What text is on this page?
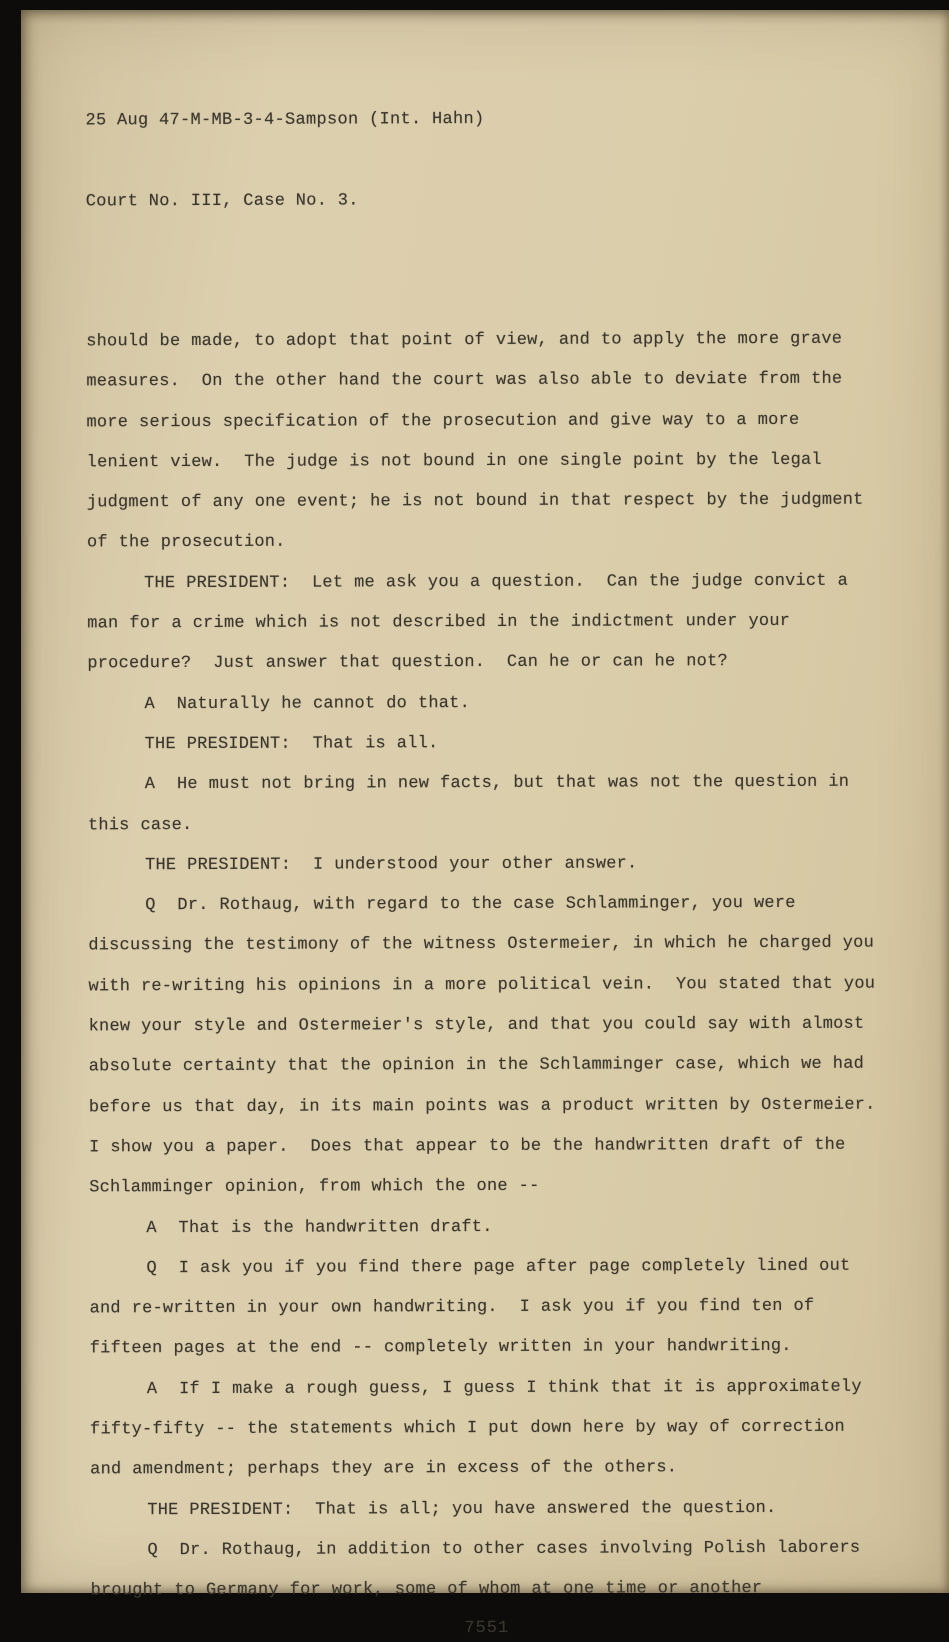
25 Aug 47-M-MB-3-4-Sampson (Int. Hahn)

Court No. III, Case No. 3.

should be made, to adopt that point of view, and to apply the more grave measures.  On the other hand the court was also able to deviate from the more serious specification of the prosecution and give way to a more lenient view.  The judge is not bound in one single point by the legal judgment of any one event; he is not bound in that respect by the judgment of the prosecution.

THE PRESIDENT:  Let me ask you a question.  Can the judge convict a man for a crime which is not described in the indictment under your procedure?  Just answer that question.  Can he or can he not?

A  Naturally he cannot do that.

THE PRESIDENT:  That is all.

A  He must not bring in new facts, but that was not the question in this case.

THE PRESIDENT:  I understood your other answer.

Q  Dr. Rothaug, with regard to the case Schlamminger, you were discussing the testimony of the witness Ostermeier, in which he charged you with re-writing his opinions in a more political vein.  You stated that you knew your style and Ostermeier's style, and that you could say with almost absolute certainty that the opinion in the Schlamminger case, which we had before us that day, in its main points was a product written by Ostermeier.  I show you a paper.  Does that appear to be the handwritten draft of the Schlamminger opinion, from which the one --

A  That is the handwritten draft.

Q  I ask you if you find there page after page completely lined out and re-written in your own handwriting.  I ask you if you find ten of fifteen pages at the end -- completely written in your handwriting.

A  If I make a rough guess, I guess I think that it is approximately fifty-fifty -- the statements which I put down here by way of correction and amendment; perhaps they are in excess of the others.

THE PRESIDENT:  That is all; you have answered the question.

Q  Dr. Rothaug, in addition to other cases involving Polish laborers brought to Germany for work, some of whom at one time or another

7551
